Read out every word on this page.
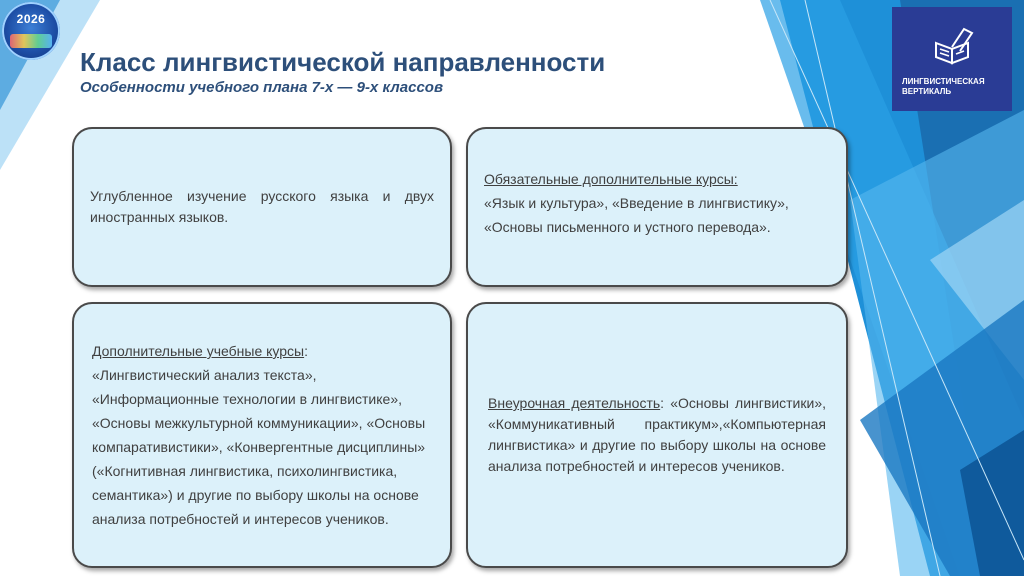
2026
Класс лингвистической направленности
Особенности учебного плана 7-х — 9-х классов	ЛИНГВИСТИЧЕСКАЯ
ВЕРТИКАЛЬ

Углубленное изучение русского языка и двух иностранных языков.

Обязательные дополнительные курсы:

«Язык и культура», «Введение в лингвистику», «Основы письменного и устного перевода».

Дополнительные учебные курсы:
«Лингвистический анализ текста», «Информационные технологии в лингвистике», «Основы межкультурной коммуникации», «Основы компаративистики», «Конвергентные дисциплины» («Когнитивная лингвистика, психолингвистика, семантика») и другие по выбору школы на основе анализа потребностей и интересов учеников.

Внеурочная деятельность: «Основы лингвистики», «Коммуникативный практикум»,«Компьютерная лингвистика» и другие по выбору школы на основе анализа потребностей и интересов учеников.
